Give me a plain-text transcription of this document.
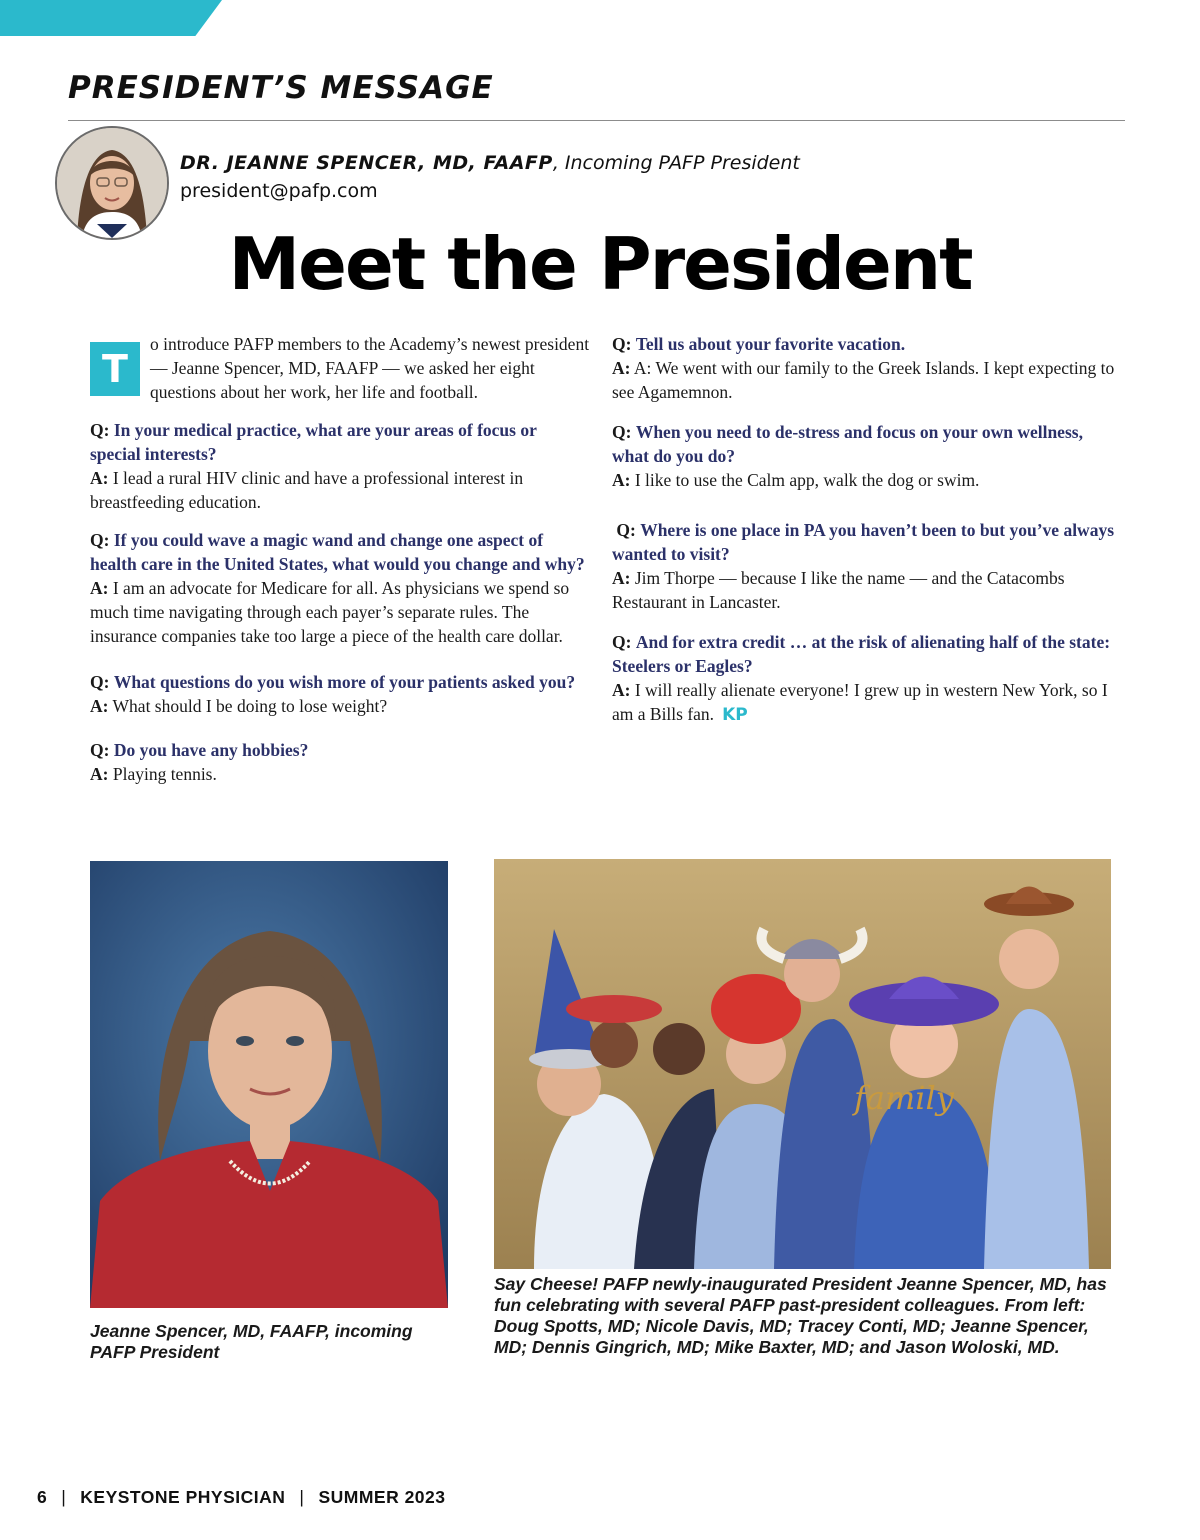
PRESIDENT’S MESSAGE
DR. JEANNE SPENCER, MD, FAAFP, Incoming PAFP President
president@pafp.com
Meet the President
T
o introduce PAFP members to the Academy’s newest president — Jeanne Spencer, MD, FAAFP — we asked her eight questions about her work, her life and football.
Q: In your medical practice, what are your areas of focus or special interests?
A: I lead a rural HIV clinic and have a professional interest in breastfeeding education.
Q: If you could wave a magic wand and change one aspect of health care in the United States, what would you change and why?
A: I am an advocate for Medicare for all. As physicians we spend so much time navigating through each payer’s separate rules. The insurance companies take too large a piece of the health care dollar.
Q: What questions do you wish more of your patients asked you?
A: What should I be doing to lose weight?
Q: Do you have any hobbies?
A: Playing tennis.
Q: Tell us about your favorite vacation.
A: A: We went with our family to the Greek Islands. I kept expecting to see Agamemnon.
Q: When you need to de-stress and focus on your own wellness, what do you do?
A: I like to use the Calm app, walk the dog or swim.
Q: Where is one place in PA you haven’t been to but you’ve always wanted to visit?
A: Jim Thorpe — because I like the name — and the Catacombs Restaurant in Lancaster.
Q: And for extra credit … at the risk of alienating half of the state: Steelers or Eagles?
A: I will really alienate everyone! I grew up in western New York, so I am a Bills fan. KP

Jeanne Spencer, MD, FAAFP, incoming PAFP President

family

Say Cheese! PAFP newly-inaugurated President Jeanne Spencer, MD, has fun celebrating with several PAFP past-president colleagues. From left: Doug Spotts, MD; Nicole Davis, MD; Tracey Conti, MD; Jeanne Spencer, MD; Dennis Gingrich, MD; Mike Baxter, MD; and Jason Woloski, MD.

6 | KEYSTONE PHYSICIAN | SUMMER 2023
